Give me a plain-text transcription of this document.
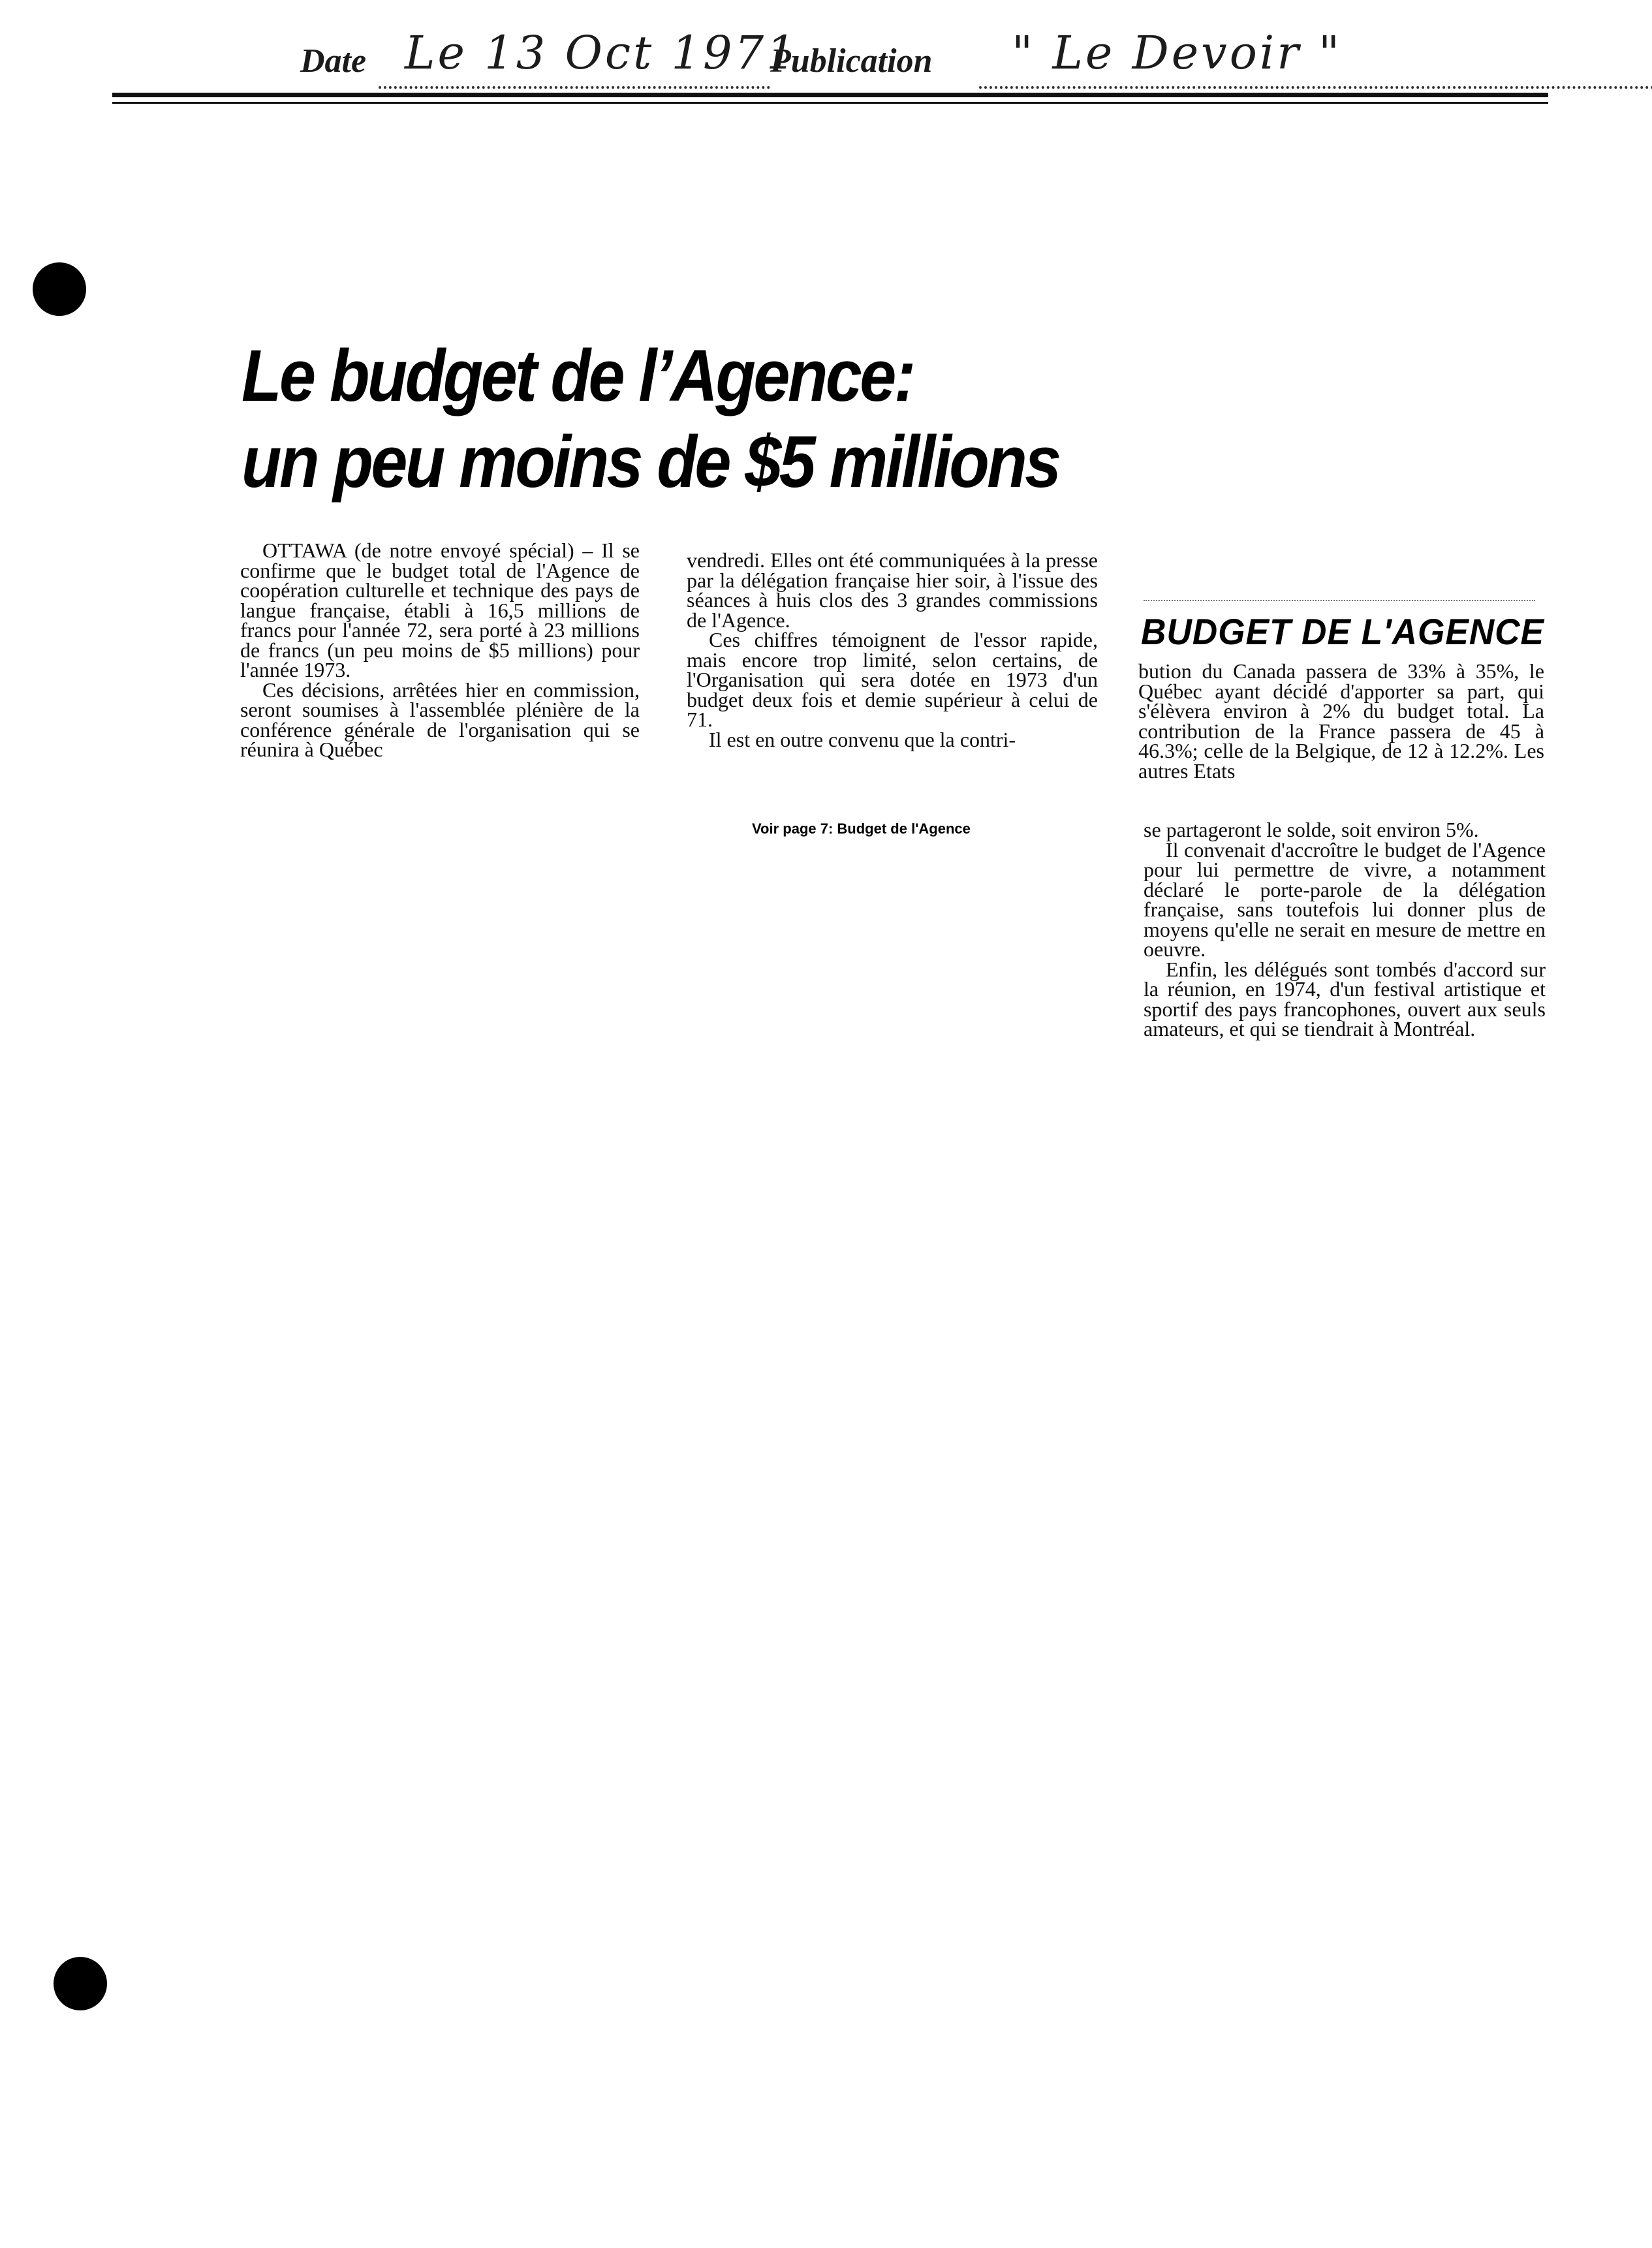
Date Le 13 Oct 1971
Publication " Le Devoir "
Le budget de l’Agence:
un peu moins de $5 millions

OTTAWA (de notre envoyé spécial) – Il se confirme que le budget total de l'Agence de coopération culturelle et technique des pays de langue française, établi à 16,5 millions de francs pour l'année 72, sera porté à 23 millions de francs (un peu moins de $5 millions) pour l'année 1973.

Ces décisions, arrêtées hier en commission, seront soumises à l'assemblée plénière de la conférence générale de l'organisation qui se réunira à Québec

vendredi. Elles ont été communiquées à la presse par la délégation française hier soir, à l'issue des séances à huis clos des 3 grandes commissions de l'Agence.

Ces chiffres témoignent de l'essor rapide, mais encore trop limité, selon certains, de l'Organisation qui sera dotée en 1973 d'un budget deux fois et demie supérieur à celui de 71.

Il est en outre convenu que la contri-

Voir page 7: Budget de l'Agence
BUDGET DE L'AGENCE

bution du Canada passera de 33% à 35%, le Québec ayant décidé d'apporter sa part, qui s'élèvera environ à 2% du budget total. La contribution de la France passera de 45 à 46.3%; celle de la Belgique, de 12 à 12.2%. Les autres Etats

se partageront le solde, soit environ 5%.

Il convenait d'accroître le budget de l'Agence pour lui permettre de vivre, a notamment déclaré le porte-parole de la délégation française, sans toutefois lui donner plus de moyens qu'elle ne serait en mesure de mettre en oeuvre.

Enfin, les délégués sont tombés d'accord sur la réunion, en 1974, d'un festival artistique et sportif des pays francophones, ouvert aux seuls amateurs, et qui se tiendrait à Montréal.
